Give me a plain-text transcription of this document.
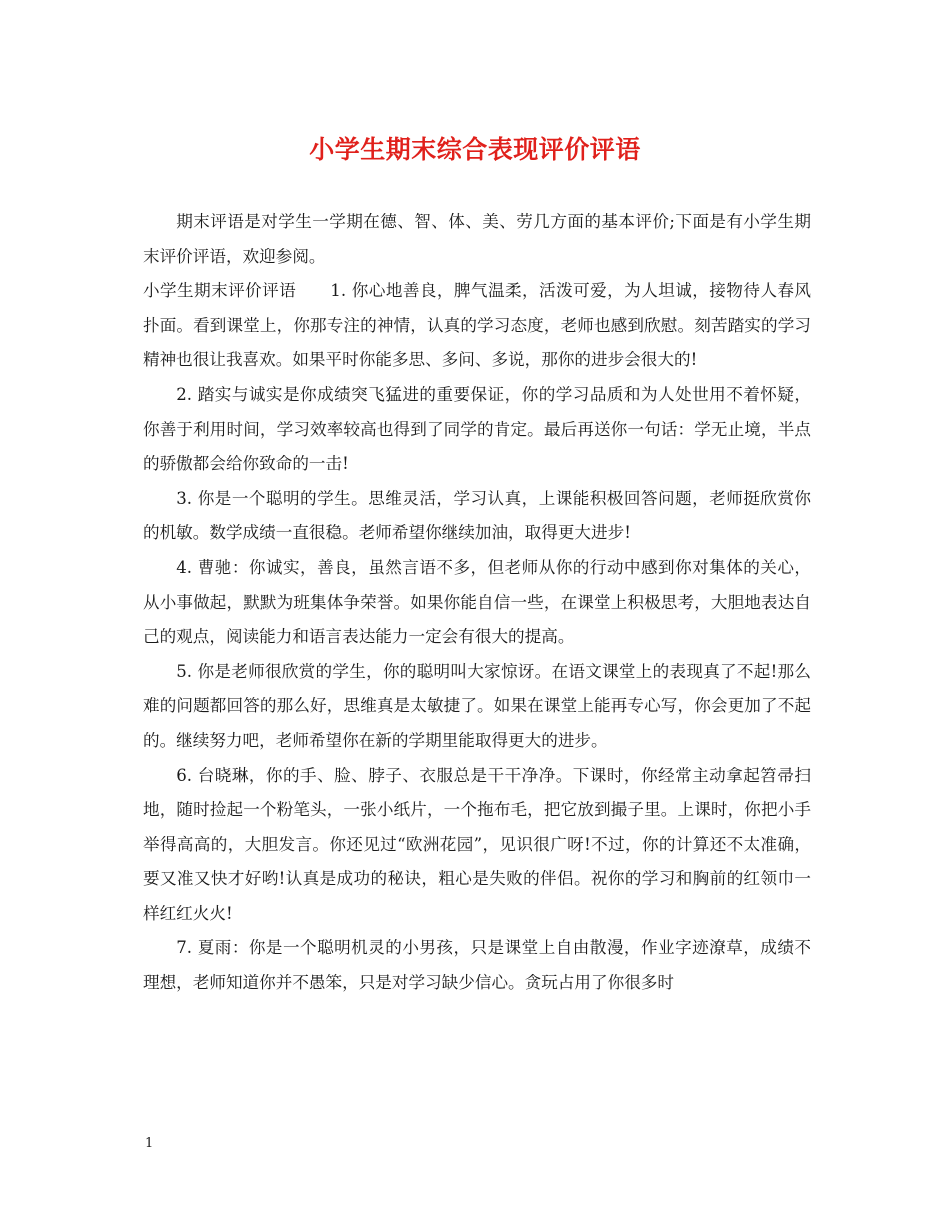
小学生期末综合表现评价评语

期末评语是对学生一学期在德、智、体、美、劳几方面的基本评价;下面是有小学生期末评价评语，欢迎参阅。

小学生期末评价评语　　1. 你心地善良，脾气温柔，活泼可爱，为人坦诚，接物待人春风扑面。看到课堂上，你那专注的神情，认真的学习态度，老师也感到欣慰。刻苦踏实的学习精神也很让我喜欢。如果平时你能多思、多问、多说，那你的进步会很大的!

2. 踏实与诚实是你成绩突飞猛进的重要保证，你的学习品质和为人处世用不着怀疑，你善于利用时间，学习效率较高也得到了同学的肯定。最后再送你一句话：学无止境，半点的骄傲都会给你致命的一击!

3. 你是一个聪明的学生。思维灵活，学习认真，上课能积极回答问题，老师挺欣赏你的机敏。数学成绩一直很稳。老师希望你继续加油，取得更大进步!

4. 曹驰：你诚实，善良，虽然言语不多，但老师从你的行动中感到你对集体的关心，从小事做起，默默为班集体争荣誉。如果你能自信一些，在课堂上积极思考，大胆地表达自己的观点，阅读能力和语言表达能力一定会有很大的提高。

5. 你是老师很欣赏的学生，你的聪明叫大家惊讶。在语文课堂上的表现真了不起!那么难的问题都回答的那么好，思维真是太敏捷了。如果在课堂上能再专心写，你会更加了不起的。继续努力吧，老师希望你在新的学期里能取得更大的进步。

6. 台晓琳，你的手、脸、脖子、衣服总是干干净净。下课时，你经常主动拿起笤帚扫地，随时捡起一个粉笔头，一张小纸片，一个拖布毛，把它放到撮子里。上课时，你把小手举得高高的，大胆发言。你还见过“欧洲花园”，见识很广呀!不过，你的计算还不太准确，要又准又快才好哟!认真是成功的秘诀，粗心是失败的伴侣。祝你的学习和胸前的红领巾一样红红火火!

7. 夏雨：你是一个聪明机灵的小男孩，只是课堂上自由散漫，作业字迹潦草，成绩不理想，老师知道你并不愚笨，只是对学习缺少信心。贪玩占用了你很多时

1
